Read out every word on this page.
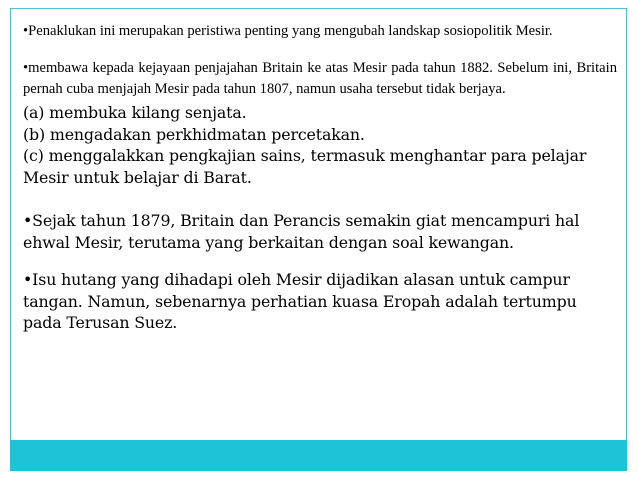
•Penaklukan ini merupakan peristiwa penting yang mengubah landskap sosiopolitik Mesir.

•membawa kepada kejayaan penjajahan Britain ke atas Mesir pada tahun 1882. Sebelum ini, Britain pernah cuba menjajah Mesir pada tahun 1807, namun usaha tersebut tidak berjaya.

(a) membuka kilang senjata.
(b) mengadakan perkhidmatan percetakan.
(c) menggalakkan pengkajian sains, termasuk menghantar para pelajar
Mesir untuk belajar di Barat.
•Sejak tahun 1879, Britain dan Perancis semakin giat mencampuri hal
ehwal Mesir, terutama yang berkaitan dengan soal kewangan.
•Isu hutang yang dihadapi oleh Mesir dijadikan alasan untuk campur
tangan. Namun, sebenarnya perhatian kuasa Eropah adalah tertumpu
pada Terusan Suez.
